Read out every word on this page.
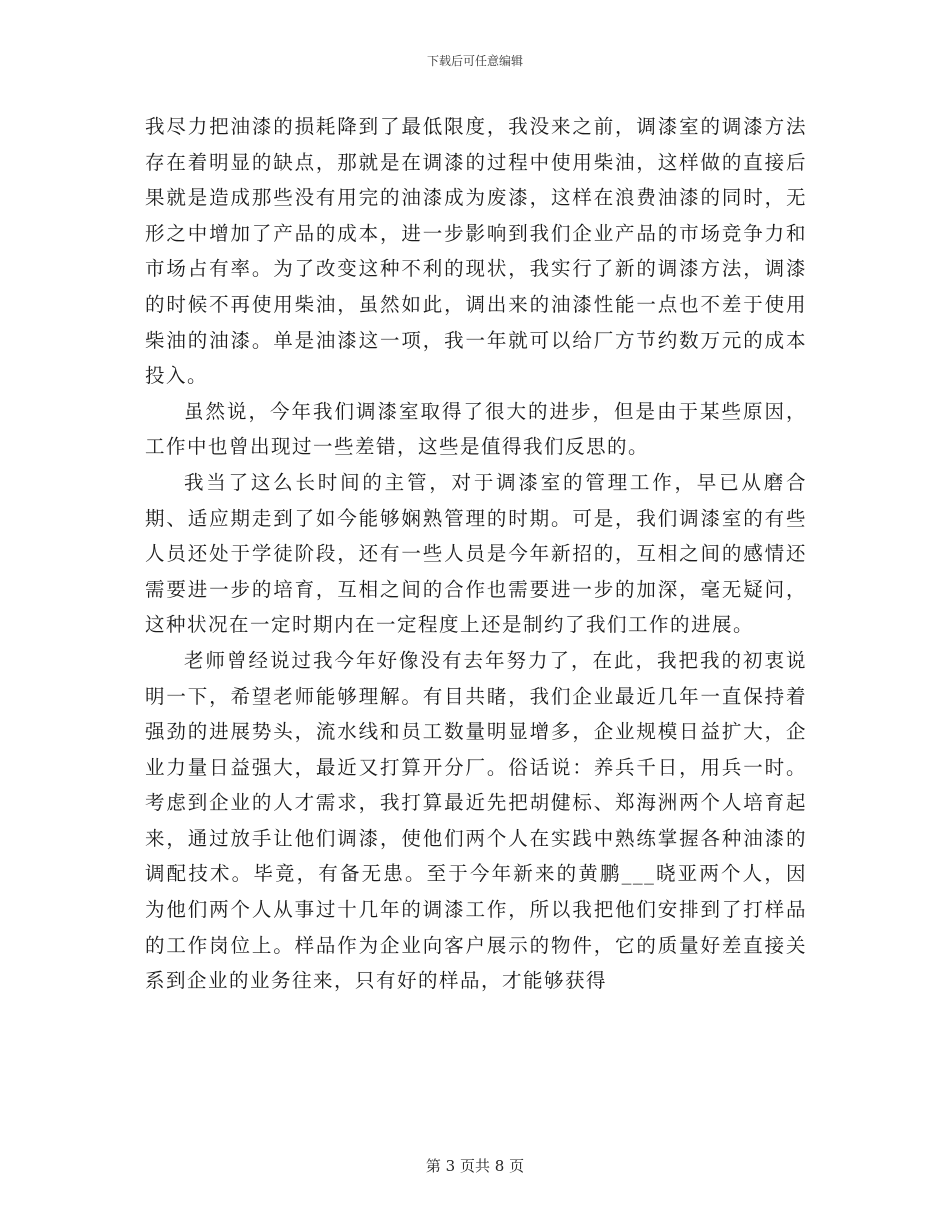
下载后可任意编辑

我尽力把油漆的损耗降到了最低限度，我没来之前，调漆室的调漆方法存在着明显的缺点，那就是在调漆的过程中使用柴油，这样做的直接后果就是造成那些没有用完的油漆成为废漆，这样在浪费油漆的同时，无形之中增加了产品的成本，进一步影响到我们企业产品的市场竞争力和市场占有率。为了改变这种不利的现状，我实行了新的调漆方法，调漆的时候不再使用柴油，虽然如此，调出来的油漆性能一点也不差于使用柴油的油漆。单是油漆这一项，我一年就可以给厂方节约数万元的成本投入。

虽然说，今年我们调漆室取得了很大的进步，但是由于某些原因，工作中也曾出现过一些差错，这些是值得我们反思的。

我当了这么长时间的主管，对于调漆室的管理工作，早已从磨合期、适应期走到了如今能够娴熟管理的时期。可是，我们调漆室的有些人员还处于学徒阶段，还有一些人员是今年新招的，互相之间的感情还需要进一步的培育，互相之间的合作也需要进一步的加深，毫无疑问，这种状况在一定时期内在一定程度上还是制约了我们工作的进展。

老师曾经说过我今年好像没有去年努力了，在此，我把我的初衷说明一下，希望老师能够理解。有目共睹，我们企业最近几年一直保持着强劲的进展势头，流水线和员工数量明显增多，企业规模日益扩大，企业力量日益强大，最近又打算开分厂。俗话说：养兵千日，用兵一时。考虑到企业的人才需求，我打算最近先把胡健标、郑海洲两个人培育起来，通过放手让他们调漆，使他们两个人在实践中熟练掌握各种油漆的调配技术。毕竟，有备无患。至于今年新来的黄鹏___晓亚两个人，因为他们两个人从事过十几年的调漆工作，所以我把他们安排到了打样品的工作岗位上。样品作为企业向客户展示的物件，它的质量好差直接关系到企业的业务往来，只有好的样品，才能够获得

第 3 页共 8 页
